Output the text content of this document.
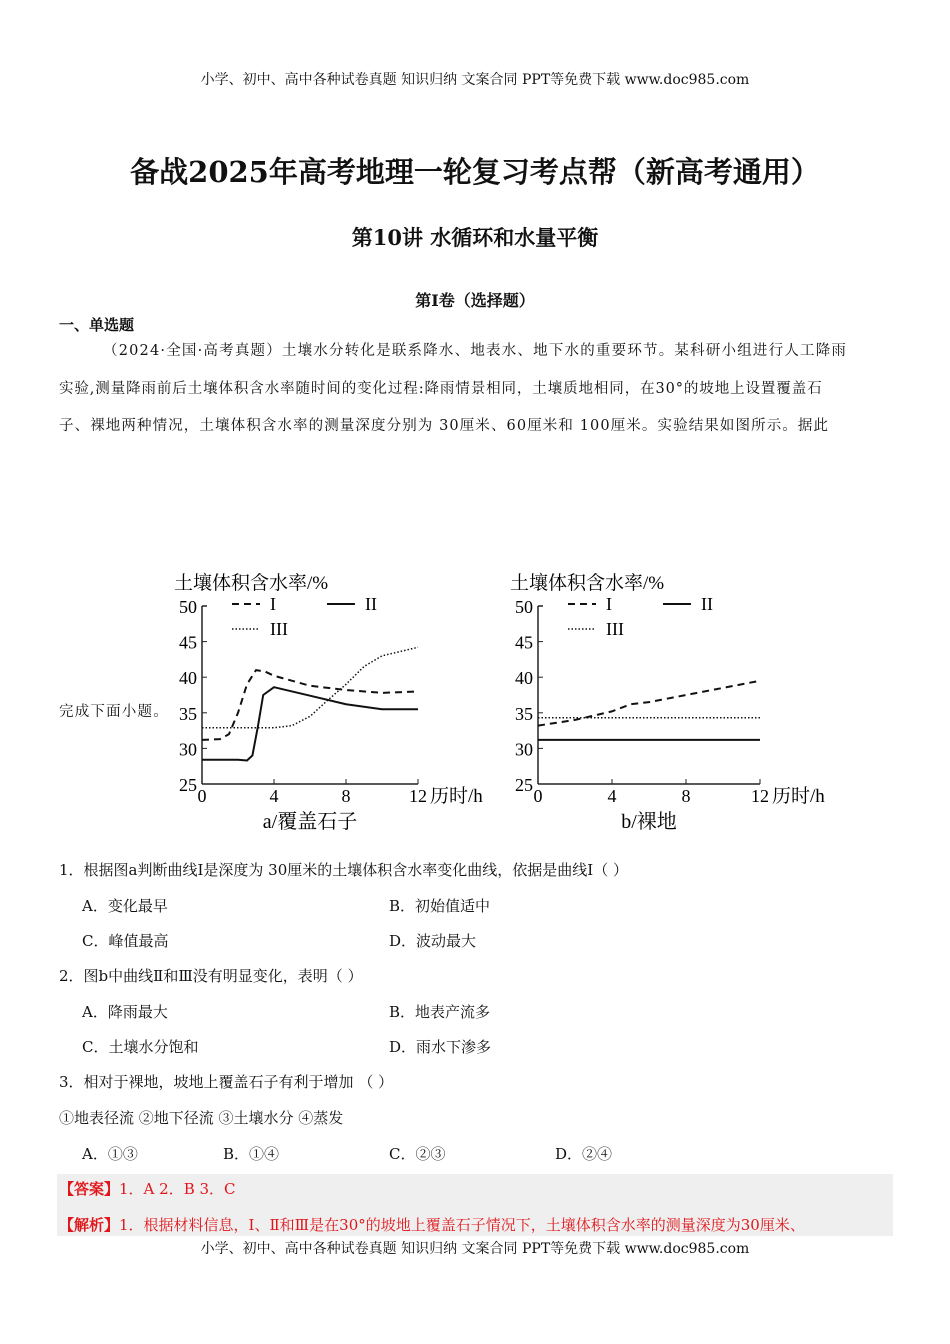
小学、初中、高中各种试卷真题 知识归纳 文案合同 PPT等免费下载 www.doc985.com
备战2025年高考地理一轮复习考点帮（新高考通用）
第10讲 水循环和水量平衡
第I卷（选择题）
一、单选题
（2024·全国·高考真题）土壤水分转化是联系降水、地表水、地下水的重要环节。某科研小组进行人工降雨
实验,测量降雨前后土壤体积含水率随时间的变化过程:降雨情景相同，土壤质地相同，在30°的坡地上设置覆盖石
子、裸地两种情况，土壤体积含水率的测量深度分别为 30厘米、60厘米和 100厘米。实验结果如图所示。据此
完成下面小题。
土壤体积含水率/%
25
30
35
40
45
50
0	4	8	12 历时/h
a/覆盖石子
I	II
III
土壤体积含水率/%
25
30
35
40
45
50
0	4	8	12 历时/h
b/裸地
I	II
III
1．根据图a判断曲线I是深度为 30厘米的土壤体积含水率变化曲线，依据是曲线I（ ）
A．变化最早	B．初始值适中
C．峰值最高	D．波动最大
2．图b中曲线Ⅱ和Ⅲ没有明显变化，表明（ ）
A．降雨最大	B．地表产流多
C．土壤水分饱和	D．雨水下渗多
3．相对于裸地，坡地上覆盖石子有利于增加 （ ）
①地表径流 ②地下径流 ③土壤水分 ④蒸发
A．①③	B．①④	C．②③	D．②④
【答案】1．A 2．B 3．C
【解析】1．根据材料信息，I、Ⅱ和Ⅲ是在30°的坡地上覆盖石子情况下，土壤体积含水率的测量深度为30厘米、
小学、初中、高中各种试卷真题 知识归纳 文案合同 PPT等免费下载 www.doc985.com
